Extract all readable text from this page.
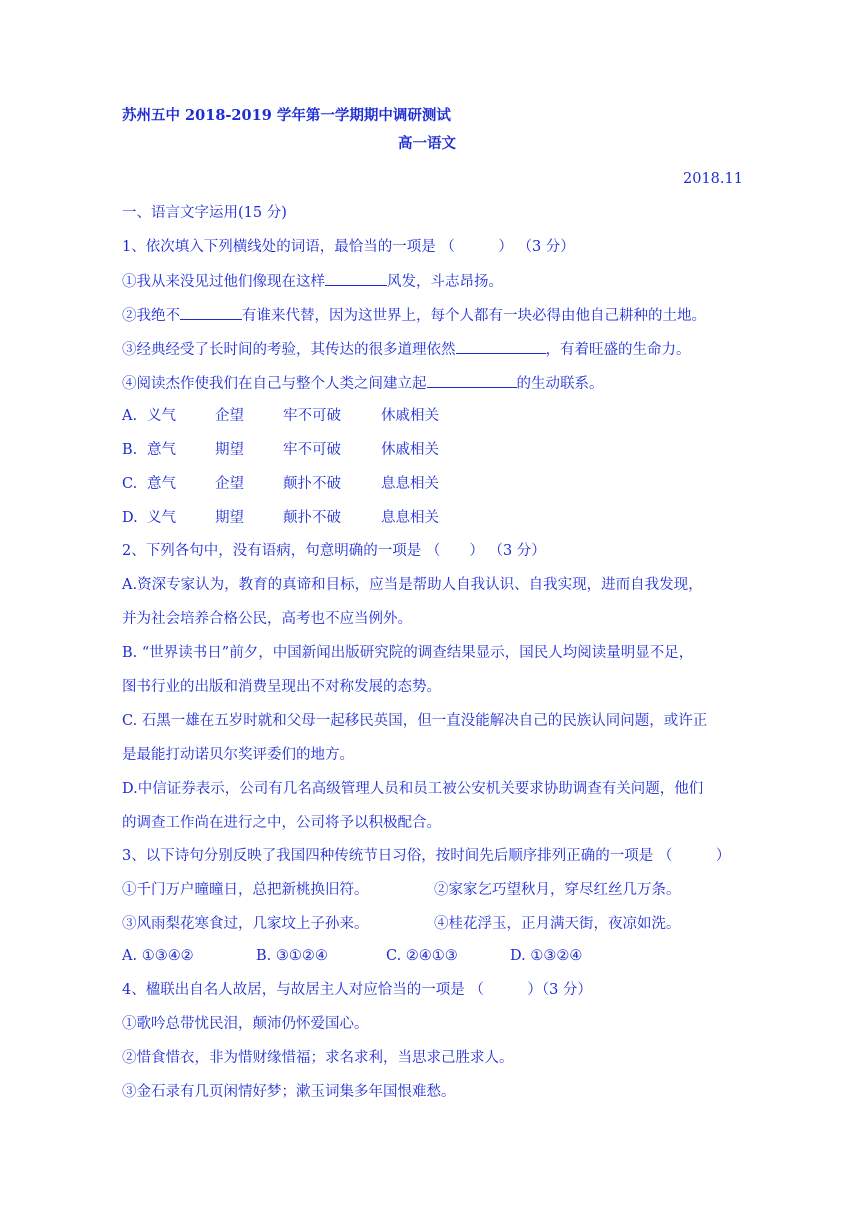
苏州五中 2018-2019 学年第一学期期中调研测试
高一语文
2018.11
一、语言文字运用(15 分)
1、依次填入下列横线处的词语，最恰当的一项是 （　　　） （3 分）
①我从来没见过他们像现在这样	风发，斗志昂扬。
②我绝不	有谁来代替，因为这世界上，每个人都有一块必得由他自己耕种的土地。
③经典经受了长时间的考验，其传达的很多道理依然	，有着旺盛的生命力。
④阅读杰作使我们在自己与整个人类之间建立起	的生动联系。
A. 义气	企望	牢不可破	休戚相关
B. 意气	期望	牢不可破	休戚相关
C. 意气	企望	颠扑不破	息息相关
D. 义气	期望	颠扑不破	息息相关
2、下列各句中，没有语病，句意明确的一项是 （　　） （3 分）
A.资深专家认为，教育的真谛和目标，应当是帮助人自我认识、自我实现，进而自我发现，
并为社会培养合格公民，高考也不应当例外。
B. “世界读书日”前夕，中国新闻出版研究院的调查结果显示，国民人均阅读量明显不足，
图书行业的出版和消费呈现出不对称发展的态势。
C. 石黑一雄在五岁时就和父母一起移民英国，但一直没能解决自己的民族认同问题，或许正
是最能打动诺贝尔奖评委们的地方。
D.中信证券表示，公司有几名高级管理人员和员工被公安机关要求协助调查有关问题，他们
的调查工作尚在进行之中，公司将予以积极配合。
3、以下诗句分别反映了我国四种传统节日习俗，按时间先后顺序排列正确的一项是 （　　　）
①千门万户曈曈日，总把新桃换旧符。	②家家乞巧望秋月，穿尽红丝几万条。
③风雨梨花寒食过，几家坟上子孙来。	④桂花浮玉，正月满天街，夜凉如洗。
A. ①③④②	B. ③①②④	C. ②④①③	D. ①③②④
4、楹联出自名人故居，与故居主人对应恰当的一项是 （　　　）（3 分）
①歌吟总带忧民泪，颠沛仍怀爱国心。
②惜食惜衣，非为惜财缘惜福；求名求利，当思求己胜求人。
③金石录有几页闲情好梦；漱玉词集多年国恨难愁。
